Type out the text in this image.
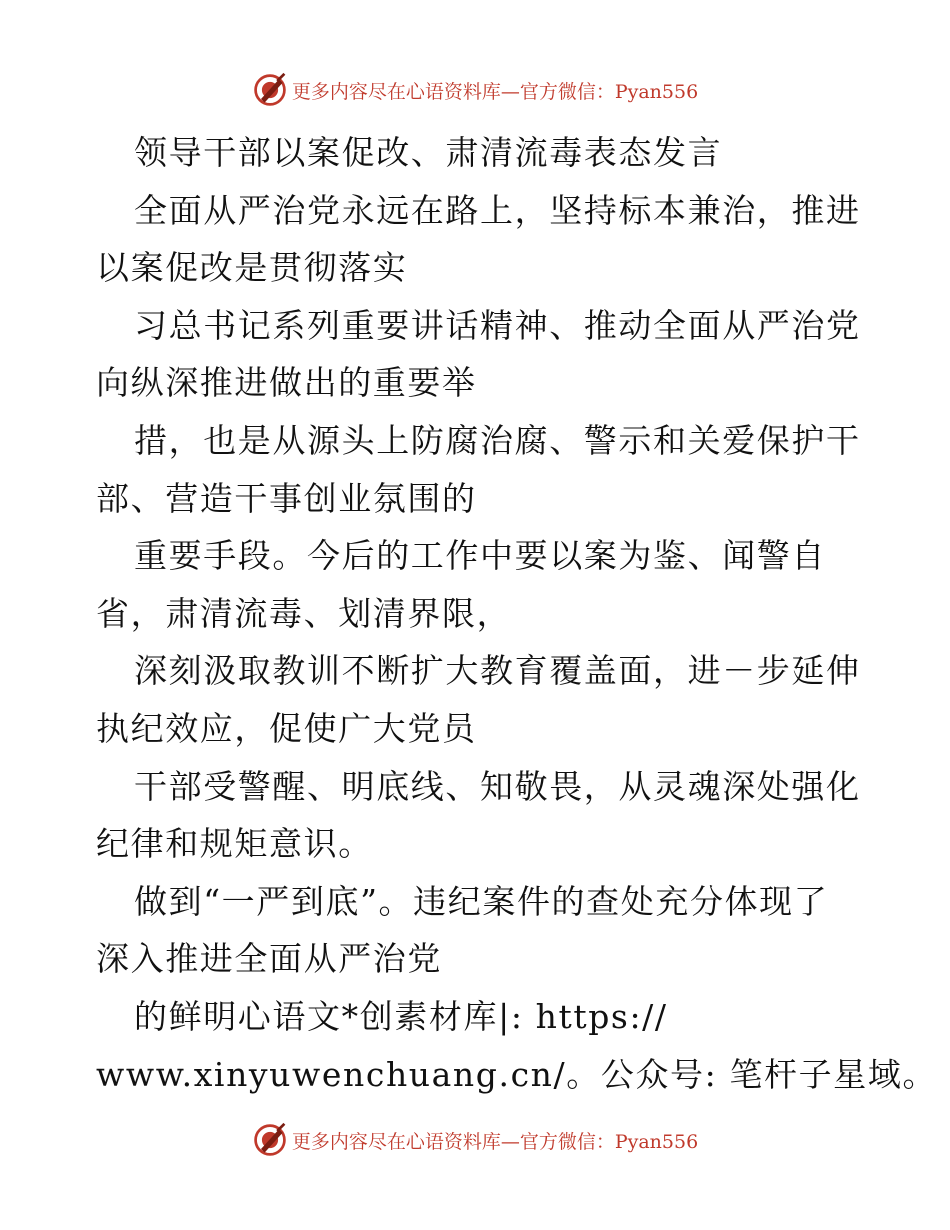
更多内容尽在心语资料库—官方微信：Pyan556
领导干部以案促改、肃清流毒表态发言
全面从严治党永远在路上，坚持标本兼治，推进
以案促改是贯彻落实
习总书记系列重要讲话精神、推动全面从严治党
向纵深推进做出的重要举
措，也是从源头上防腐治腐、警示和关爱保护干
部、营造干事创业氛围的
重要手段。今后的工作中要以案为鉴、闻警自
省，肃清流毒、划清界限，
深刻汲取教训不断扩大教育覆盖面，进－步延伸
执纪效应，促使广大党员
干部受警醒、明底线、知敬畏，从灵魂深处强化
纪律和规矩意识。
做到“一严到底”。违纪案件的查处充分体现了
深入推进全面从严治党
的鲜明心语文*创素材库|: https://
www.xinyuwenchuang.cn/。公众号: 笔杆子星域。
更多内容尽在心语资料库—官方微信：Pyan556
